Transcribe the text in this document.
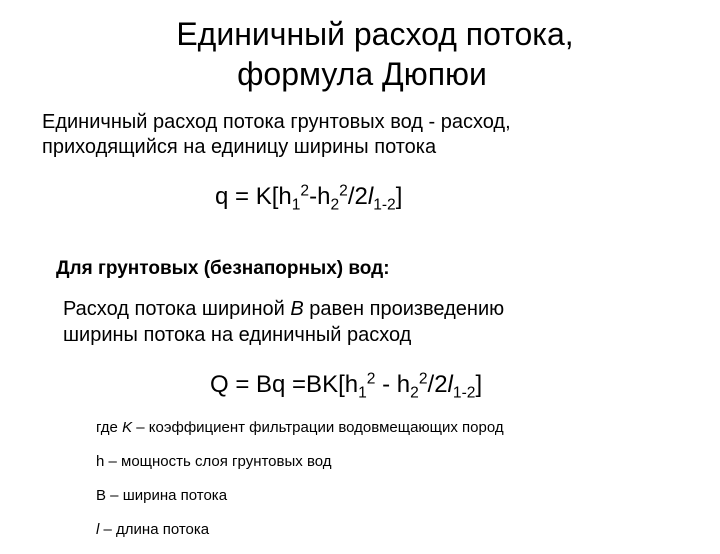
Единичный расход потока,
формула Дюпюи
Единичный расход потока грунтовых вод - расход,
приходящийся на единицу ширины потока
$q = K[h_1^2-h_2^2/2l_{1-2}]$
Для грунтовых (безнапорных) вод:
Расход потока шириной B равен произведению
ширины потока на единичный расход
$Q = Bq =BK[h_1^2 - h_2^2/2l_{1-2}]$
где K – коэффициент фильтрации водовмещающих пород
h – мощность слоя грунтовых вод
B – ширина потока
l – длина потока
